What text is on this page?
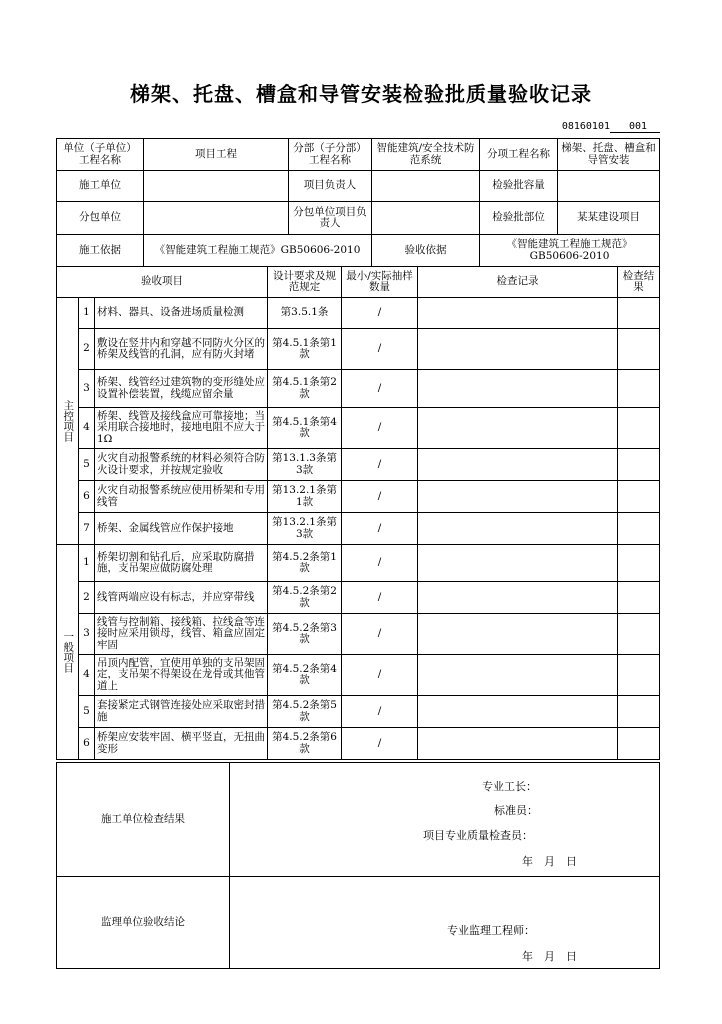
梯架、托盘、槽盒和导管安装检验批质量验收记录
08160101 001
单位（子单位）工程名称	项目工程	分部（子分部）工程名称	智能建筑/安全技术防范系统	分项工程名称	梯架、托盘、槽盒和导管安装
施工单位		项目负责人		检验批容量	
分包单位		分包单位项目负责人		检验批部位	某某建设项目
施工依据	《智能建筑工程施工规范》GB50606-2010		验收依据	《智能建筑工程施工规范》GB50606-2010	
验收项目			设计要求及规范规定	最小/实际抽样数量	检查记录	检查结果
主控项目	1	材料、器具、设备进场质量检测	第3.5.1条	/		
	2	敷设在竖井内和穿越不同防火分区的桥架及线管的孔洞，应有防火封堵	第4.5.1条第1款	/		
	3	桥架、线管经过建筑物的变形缝处应设置补偿装置，线缆应留余量	第4.5.1条第2款	/		
	4	桥架、线管及接线盒应可靠接地；当采用联合接地时，接地电阻不应大于1Ω	第4.5.1条第4款	/		
	5	火灾自动报警系统的材料必须符合防火设计要求，并按规定验收	第13.1.3条第3款	/		
	6	火灾自动报警系统应使用桥架和专用线管	第13.2.1条第1款	/		
	7	桥架、金属线管应作保护接地	第13.2.1条第3款	/		
一般项目	1	桥架切割和钻孔后，应采取防腐措施，支吊架应做防腐处理	第4.5.2条第1款	/		
	2	线管两端应设有标志，并应穿带线	第4.5.2条第2款	/		
	3	线管与控制箱、接线箱、拉线盒等连接时应采用锁母，线管、箱盒应固定牢固	第4.5.2条第3款	/		
	4	吊顶内配管，宜使用单独的支吊架固定，支吊架不得架设在龙骨或其他管道上	第4.5.2条第4款	/		
	5	套接紧定式钢管连接处应采取密封措施	第4.5.2条第5款	/		
	6	桥架应安装牢固、横平竖直，无扭曲变形	第4.5.2条第6款	/		
施工单位检查结果	专业工长：
标准员：
项目专业质量检查员：
年　月　日

监理单位验收结论	专业监理工程师：
年　月　日
